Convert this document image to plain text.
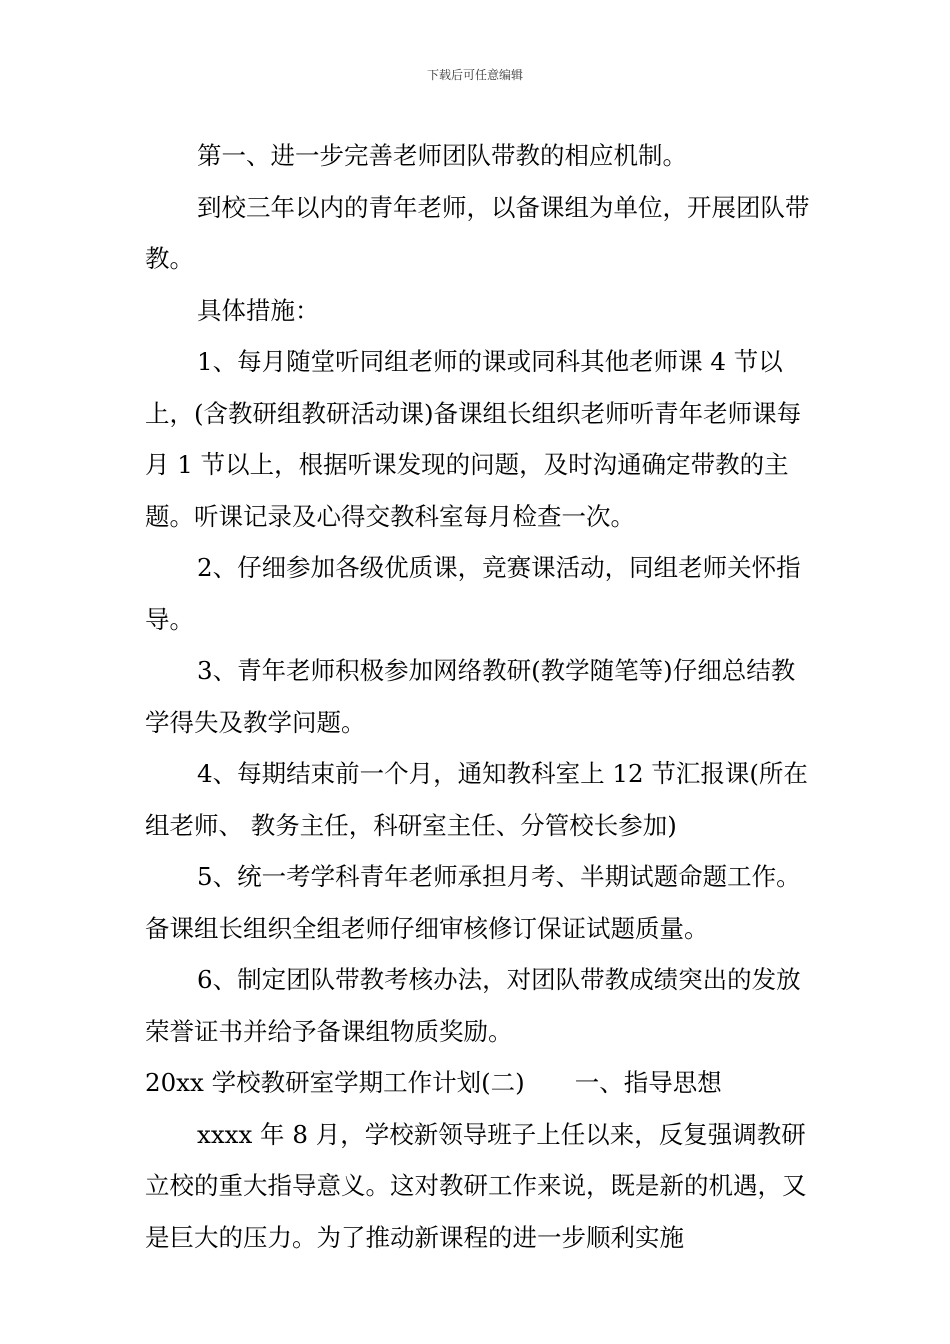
下载后可任意编辑

第一、进一步完善老师团队带教的相应机制。

到校三年以内的青年老师，以备课组为单位，开展团队带教。

具体措施：

1、每月随堂听同组老师的课或同科其他老师课 4 节以上，(含教研组教研活动课)备课组长组织老师听青年老师课每月 1 节以上，根据听课发现的问题，及时沟通确定带教的主题。听课记录及心得交教科室每月检查一次。

2、仔细参加各级优质课，竞赛课活动，同组老师关怀指导。

3、青年老师积极参加网络教研(教学随笔等)仔细总结教学得失及教学问题。

4、每期结束前一个月，通知教科室上 12 节汇报课(所在组老师、 教务主任，科研室主任、分管校长参加)

5、统一考学科青年老师承担月考、半期试题命题工作。备课组长组织全组老师仔细审核修订保证试题质量。

6、制定团队带教考核办法，对团队带教成绩突出的发放荣誉证书并给予备课组物质奖励。

20xx 学校教研室学期工作计划(二) 一、指导思想

xxxx 年 8 月，学校新领导班子上任以来，反复强调教研立校的重大指导意义。这对教研工作来说，既是新的机遇，又是巨大的压力。为了推动新课程的进一步顺利实施
